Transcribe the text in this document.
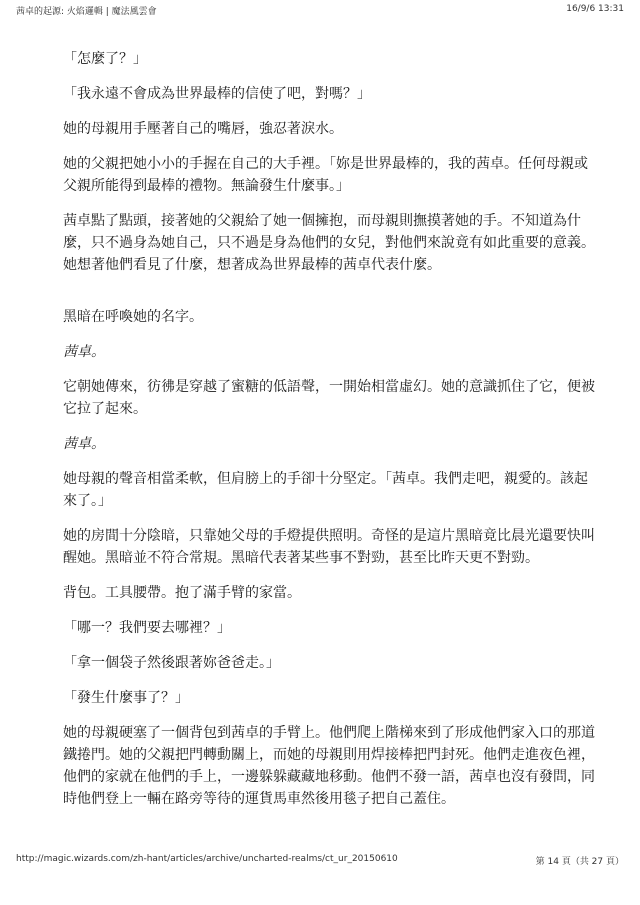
茜卓的起源: 火焰邏輯 | 魔法風雲會	16/9/6 13:31

「怎麼了？」

「我永遠不會成為世界最棒的信使了吧，對嗎？」

她的母親用手壓著自己的嘴唇，強忍著淚水。

她的父親把她小小的手握在自己的大手裡。「妳是世界最棒的，我的茜卓。任何母親或父親所能得到最棒的禮物。無論發生什麼事。」

茜卓點了點頭，接著她的父親給了她一個擁抱，而母親則撫摸著她的手。不知道為什麼，只不過身為她自己，只不過是身為他們的女兒，對他們來說竟有如此重要的意義。她想著他們看見了什麼，想著成為世界最棒的茜卓代表什麼。

黑暗在呼喚她的名字。

茜卓。

它朝她傳來，彷彿是穿越了蜜糖的低語聲，一開始相當虛幻。她的意識抓住了它，便被它拉了起來。

茜卓。

她母親的聲音相當柔軟，但肩膀上的手卻十分堅定。「茜卓。我們走吧，親愛的。該起來了。」

她的房間十分陰暗，只靠她父母的手燈提供照明。奇怪的是這片黑暗竟比晨光還要快叫醒她。黑暗並不符合常規。黑暗代表著某些事不對勁，甚至比昨天更不對勁。

背包。工具腰帶。抱了滿手臂的家當。

「哪一？我們要去哪裡？」

「拿一個袋子然後跟著妳爸爸走。」

「發生什麼事了？」

她的母親硬塞了一個背包到茜卓的手臂上。他們爬上階梯來到了形成他們家入口的那道鐵捲門。她的父親把門轉動關上，而她的母親則用焊接棒把門封死。他們走進夜色裡，他們的家就在他們的手上，一邊躲躲藏藏地移動。他們不發一語，茜卓也沒有發問，同時他們登上一輛在路旁等待的運貨馬車然後用毯子把自己蓋住。

http://magic.wizards.com/zh-hant/articles/archive/uncharted-realms/ct_ur_20150610	第 14 頁（共 27 頁）
